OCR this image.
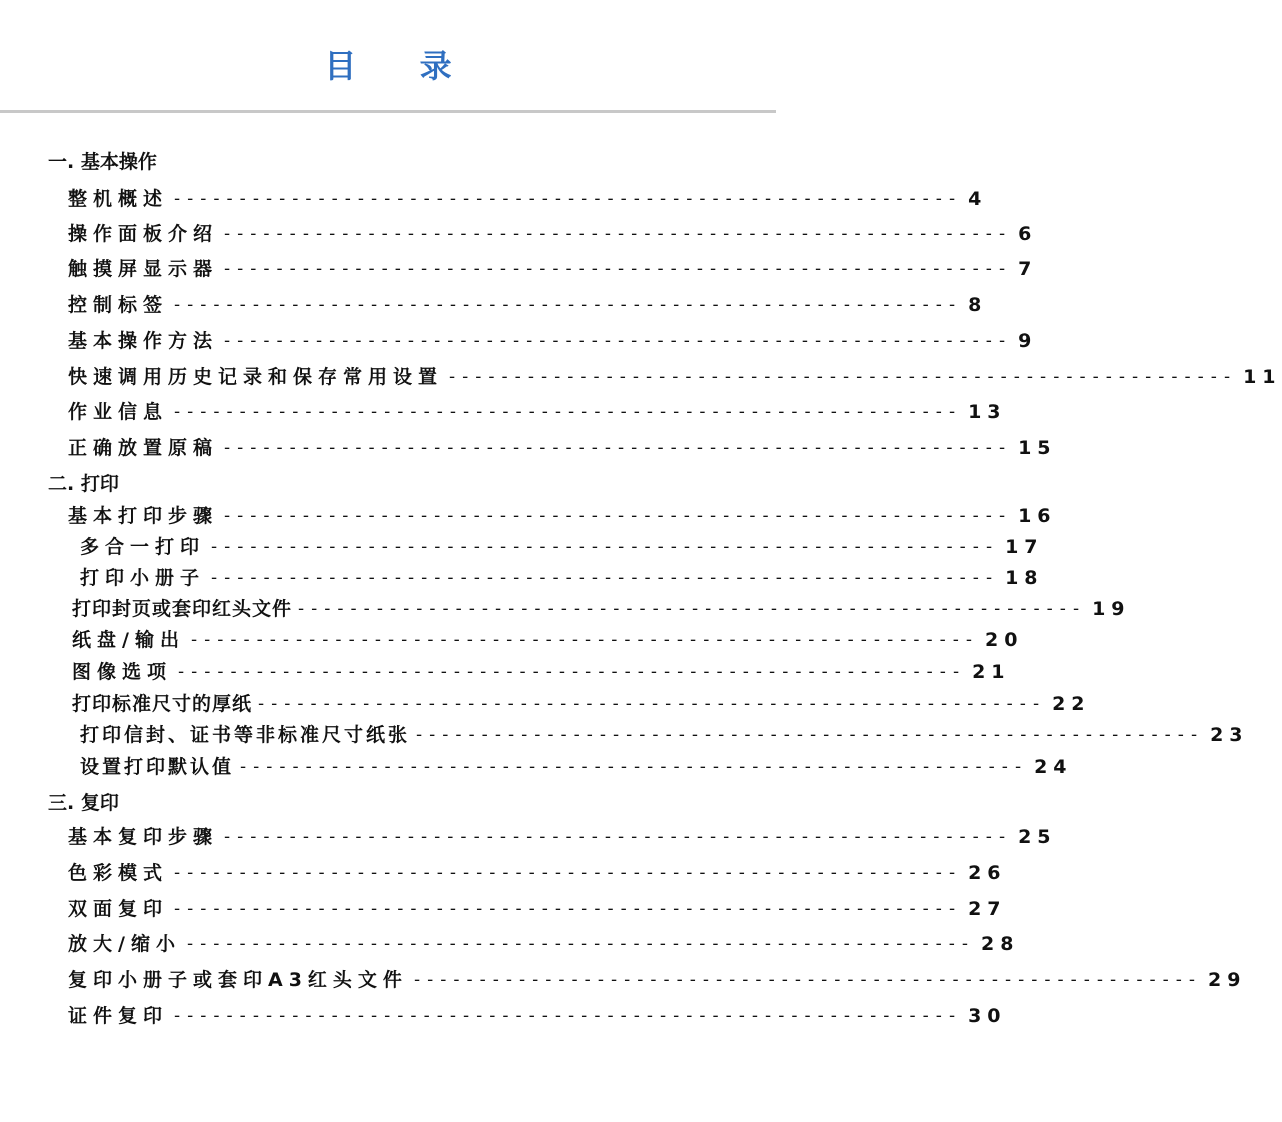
目 录
一. 基本操作
整机概述 ------------------------------------------------------------ 4
操作面板介绍 ------------------------------------------------------------ 6
触摸屏显示器 ------------------------------------------------------------ 7
控制标签 ------------------------------------------------------------ 8
基本操作方法 ------------------------------------------------------------ 9
快速调用历史记录和保存常用设置 ------------------------------------------------------------ 11
作业信息 ------------------------------------------------------------ 13
正确放置原稿 ------------------------------------------------------------ 15
二. 打印
基本打印步骤 ------------------------------------------------------------ 16
多合一打印 ------------------------------------------------------------ 17
打印小册子 ------------------------------------------------------------ 18
打印封页或套印红头文件 ------------------------------------------------------------ 19
纸盘/输出 ------------------------------------------------------------ 20
图像选项 ------------------------------------------------------------ 21
打印标准尺寸的厚纸 ------------------------------------------------------------ 22
打印信封、证书等非标准尺寸纸张 ------------------------------------------------------------ 23
设置打印默认值 ------------------------------------------------------------ 24
三. 复印
基本复印步骤 ------------------------------------------------------------ 25
色彩模式 ------------------------------------------------------------ 26
双面复印 ------------------------------------------------------------ 27
放大/缩小 ------------------------------------------------------------ 28
复印小册子或套印A3红头文件 ------------------------------------------------------------ 29
证件复印 ------------------------------------------------------------ 30
